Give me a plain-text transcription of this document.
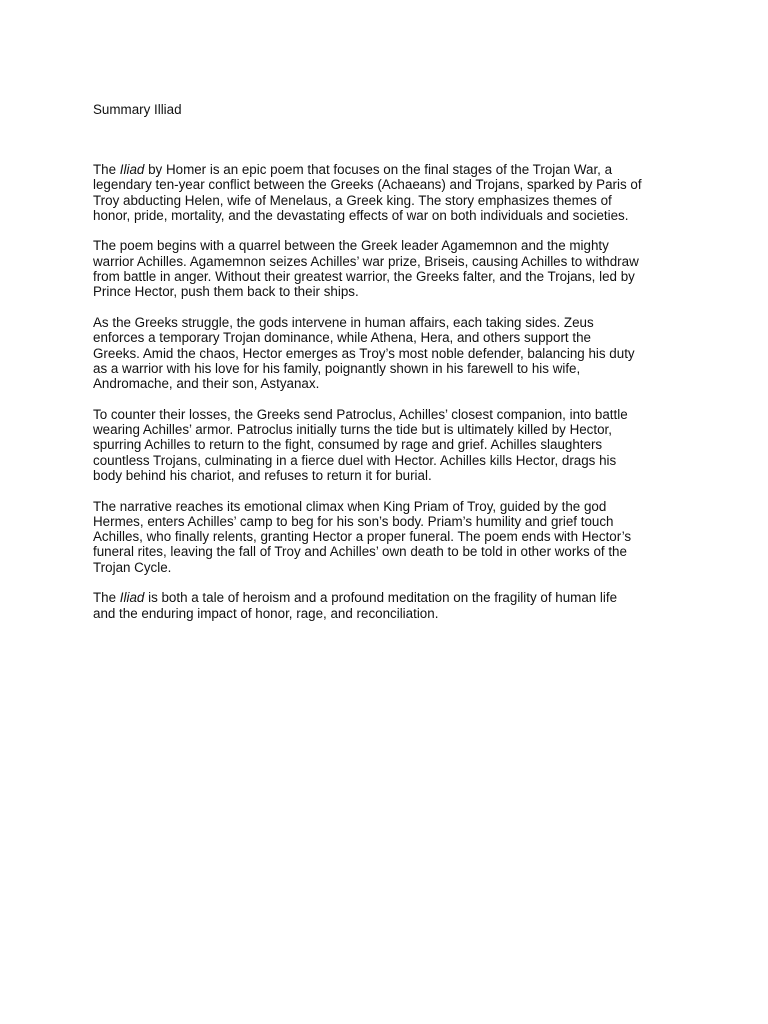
Summary Illiad

The Iliad by Homer is an epic poem that focuses on the final stages of the Trojan War, a
legendary ten-year conflict between the Greeks (Achaeans) and Trojans, sparked by Paris of
Troy abducting Helen, wife of Menelaus, a Greek king. The story emphasizes themes of
honor, pride, mortality, and the devastating effects of war on both individuals and societies.

The poem begins with a quarrel between the Greek leader Agamemnon and the mighty
warrior Achilles. Agamemnon seizes Achilles’ war prize, Briseis, causing Achilles to withdraw
from battle in anger. Without their greatest warrior, the Greeks falter, and the Trojans, led by
Prince Hector, push them back to their ships.

As the Greeks struggle, the gods intervene in human affairs, each taking sides. Zeus
enforces a temporary Trojan dominance, while Athena, Hera, and others support the
Greeks. Amid the chaos, Hector emerges as Troy’s most noble defender, balancing his duty
as a warrior with his love for his family, poignantly shown in his farewell to his wife,
Andromache, and their son, Astyanax.

To counter their losses, the Greeks send Patroclus, Achilles’ closest companion, into battle
wearing Achilles’ armor. Patroclus initially turns the tide but is ultimately killed by Hector,
spurring Achilles to return to the fight, consumed by rage and grief. Achilles slaughters
countless Trojans, culminating in a fierce duel with Hector. Achilles kills Hector, drags his
body behind his chariot, and refuses to return it for burial.

The narrative reaches its emotional climax when King Priam of Troy, guided by the god
Hermes, enters Achilles’ camp to beg for his son’s body. Priam’s humility and grief touch
Achilles, who finally relents, granting Hector a proper funeral. The poem ends with Hector’s
funeral rites, leaving the fall of Troy and Achilles’ own death to be told in other works of the
Trojan Cycle.

The Iliad is both a tale of heroism and a profound meditation on the fragility of human life
and the enduring impact of honor, rage, and reconciliation.
